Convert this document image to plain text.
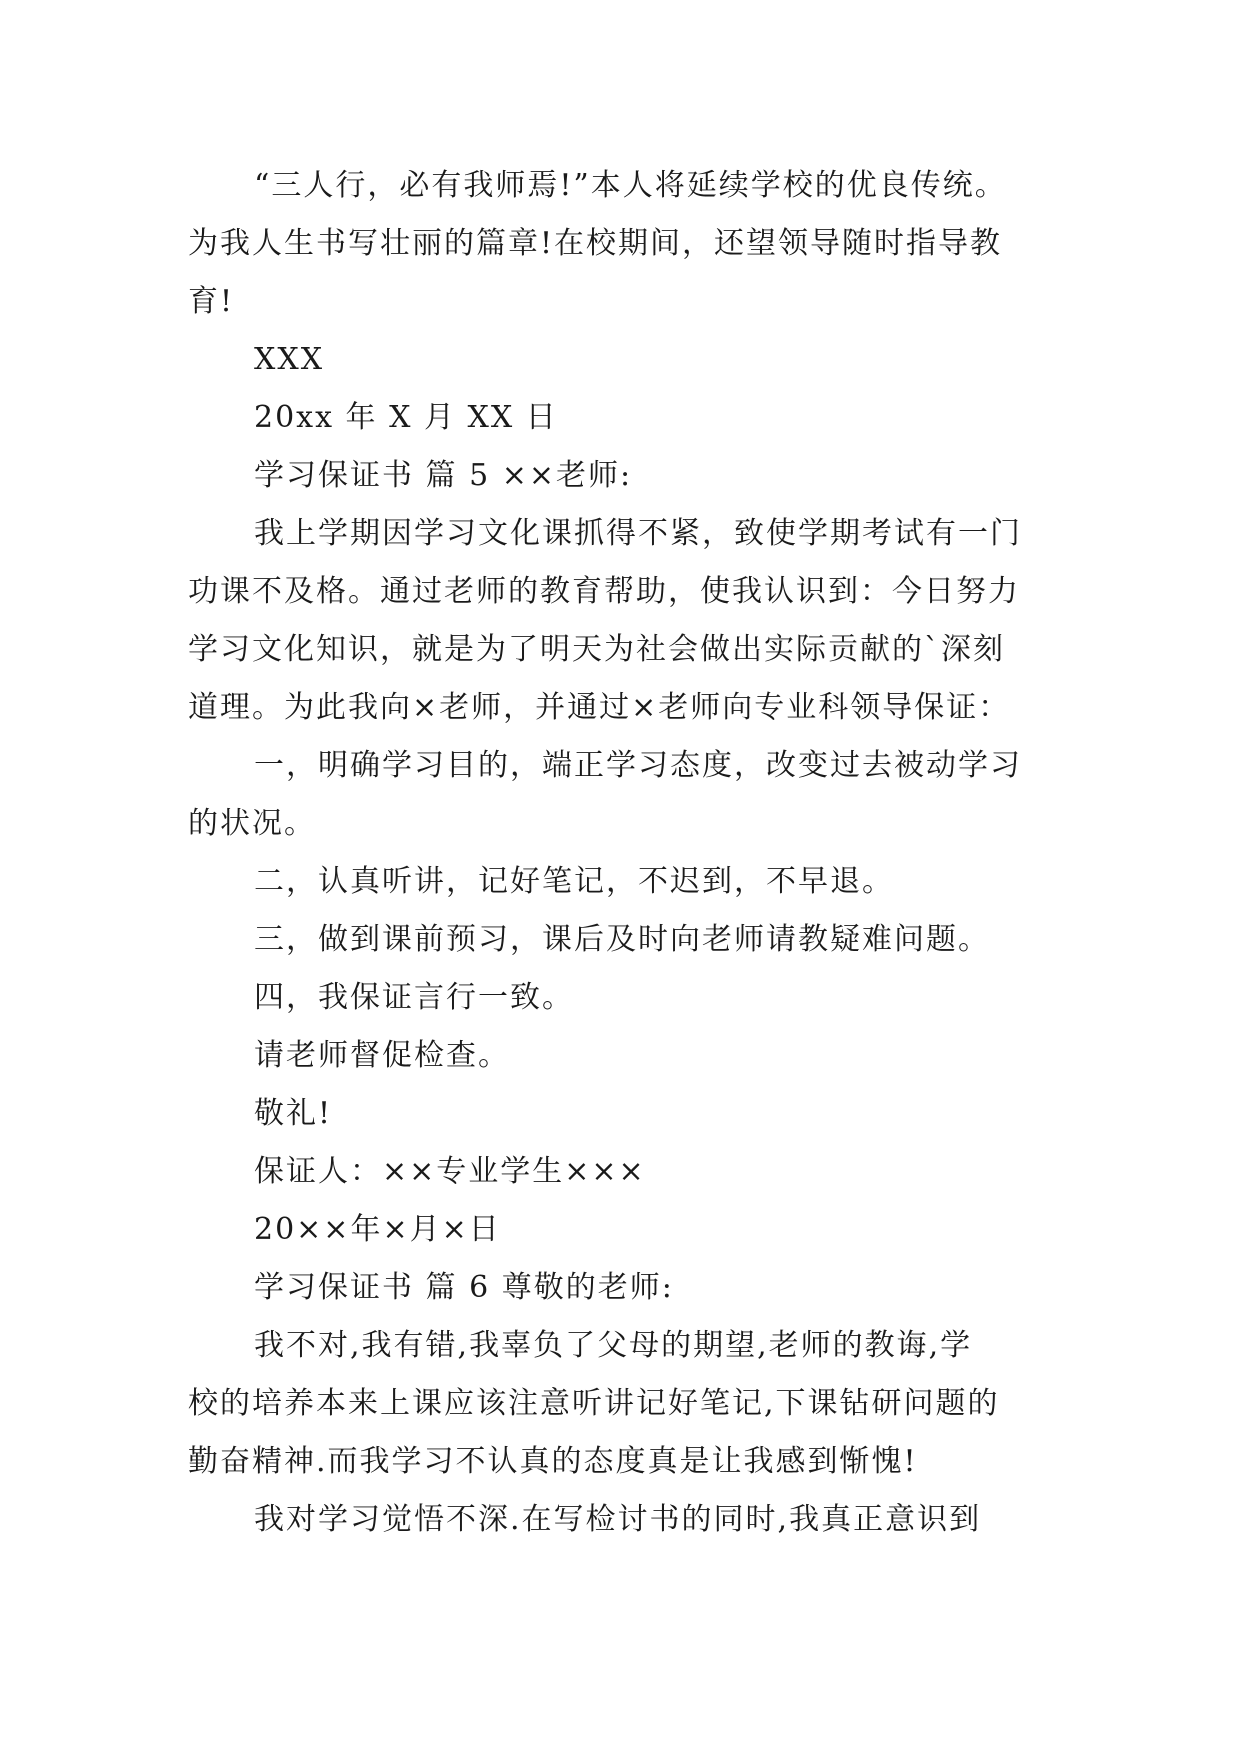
“三人行，必有我师焉!”本人将延续学校的优良传统。
为我人生书写壮丽的篇章!在校期间，还望领导随时指导教
育!
XXX
20xx 年 X 月 XX 日
学习保证书 篇 5 ××老师:
我上学期因学习文化课抓得不紧，致使学期考试有一门
功课不及格。通过老师的教育帮助，使我认识到：今日努力
学习文化知识，就是为了明天为社会做出实际贡献的`深刻
道理。为此我向×老师，并通过×老师向专业科领导保证：
一，明确学习目的，端正学习态度，改变过去被动学习
的状况。
二，认真听讲，记好笔记，不迟到，不早退。
三，做到课前预习，课后及时向老师请教疑难问题。
四，我保证言行一致。
请老师督促检查。
敬礼!
保证人：××专业学生×××
20××年×月×日
学习保证书 篇 6 尊敬的老师:
我不对,我有错,我辜负了父母的期望,老师的教诲,学
校的培养本来上课应该注意听讲记好笔记,下课钻研问题的
勤奋精神.而我学习不认真的态度真是让我感到惭愧!
我对学习觉悟不深.在写检讨书的同时,我真正意识到
